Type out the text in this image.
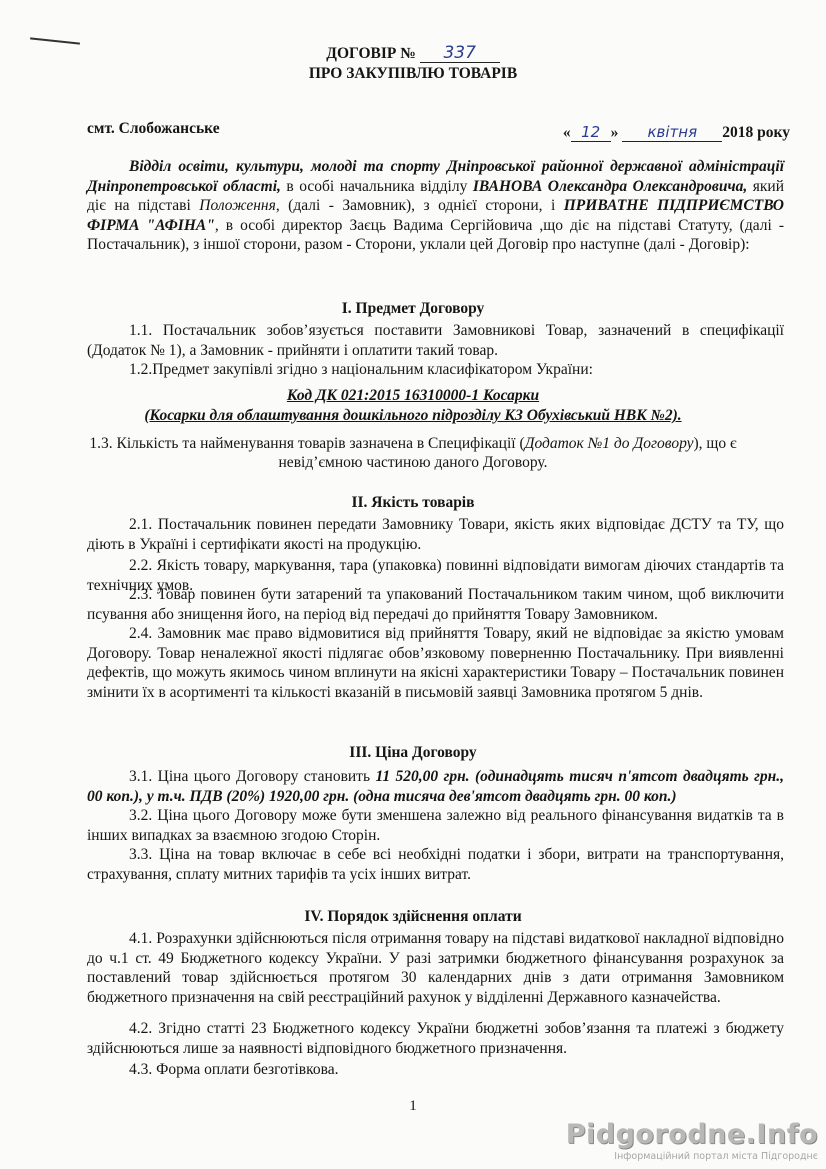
ДОГОВІР № 337
ПРО ЗАКУПІВЛЮ ТОВАРІВ
смт. Слобожанське	« 12 » квітня 2018 року
Відділ освіти, культури, молоді та спорту Дніпровської районної державної адміністрації Дніпропетровської області, в особі начальника відділу ІВАНОВА Олександра Олександровича, який діє на підставі Положення, (далі - Замовник), з однієї сторони, і ПРИВАТНЕ ПІДПРИЄМСТВО ФІРМА "АФІНА", в особі директор Заєць Вадима Сергійовича ,що діє на підставі Статуту, (далі - Постачальник), з іншої сторони, разом - Сторони, уклали цей Договір про наступне (далі - Договір):
І. Предмет Договору
1.1. Постачальник зобов’язується поставити Замовникові Товар, зазначений в специфікації (Додаток № 1), а Замовник - прийняти і оплатити такий товар.
1.2.Предмет закупівлі згідно з національним класифікатором України:
Код ДК 021:2015 16310000-1 Косарки
(Косарки для облаштування дошкільного підрозділу КЗ Обухівський НВК №2).
1.3. Кількість та найменування товарів зазначена в Специфікації (Додаток №1 до Договору), що є
невід’ємною частиною даного Договору.
ІІ. Якість товарів
2.1. Постачальник повинен передати Замовнику Товари, якість яких відповідає ДСТУ та ТУ, що діють в Україні і сертифікати якості на продукцію.
2.2. Якість товару, маркування, тара (упаковка) повинні відповідати вимогам діючих стандартів та технічних умов.
2.3. Товар повинен бути затарений та упакований Постачальником таким чином, щоб виключити псування або знищення його, на період від передачі до прийняття Товару Замовником.
2.4. Замовник має право відмовитися від прийняття Товару, який не відповідає за якістю умовам Договору. Товар неналежної якості підлягає обов’язковому поверненню Постачальнику. При виявленні дефектів, що можуть якимось чином вплинути на якісні характеристики Товару – Постачальник повинен змінити їх в асортименті та кількості вказаній в письмовій заявці Замовника протягом 5 днів.
ІІІ. Ціна Договору
3.1. Ціна цього Договору становить 11 520,00 грн. (одинадцять тисяч п'ятсот двадцять грн., 00 коп.), у т.ч. ПДВ (20%) 1920,00 грн. (одна тисяча дев'ятсот двадцять грн. 00 коп.)
3.2. Ціна цього Договору може бути зменшена залежно від реального фінансування видатків та в інших випадках за взаємною згодою Сторін.
3.3. Ціна на товар включає в себе всі необхідні податки і збори, витрати на транспортування, страхування, сплату митних тарифів та усіх інших витрат.
IV. Порядок здійснення оплати
4.1. Розрахунки здійснюються після отримання товару на підставі видаткової накладної відповідно до ч.1 ст. 49 Бюджетного кодексу України. У разі затримки бюджетного фінансування розрахунок за поставлений товар здійснюється протягом 30 календарних днів з дати отримання Замовником бюджетного призначення на свій реєстраційний рахунок у відділенні Державного казначейства.
4.2. Згідно статті 23 Бюджетного кодексу України бюджетні зобов’язання та платежі з бюджету здійснюються лише за наявності відповідного бюджетного призначення.
4.3. Форма оплати безготівкова.
1
Pidgorodne.Info
Інформаційний портал міста Підгороднє
